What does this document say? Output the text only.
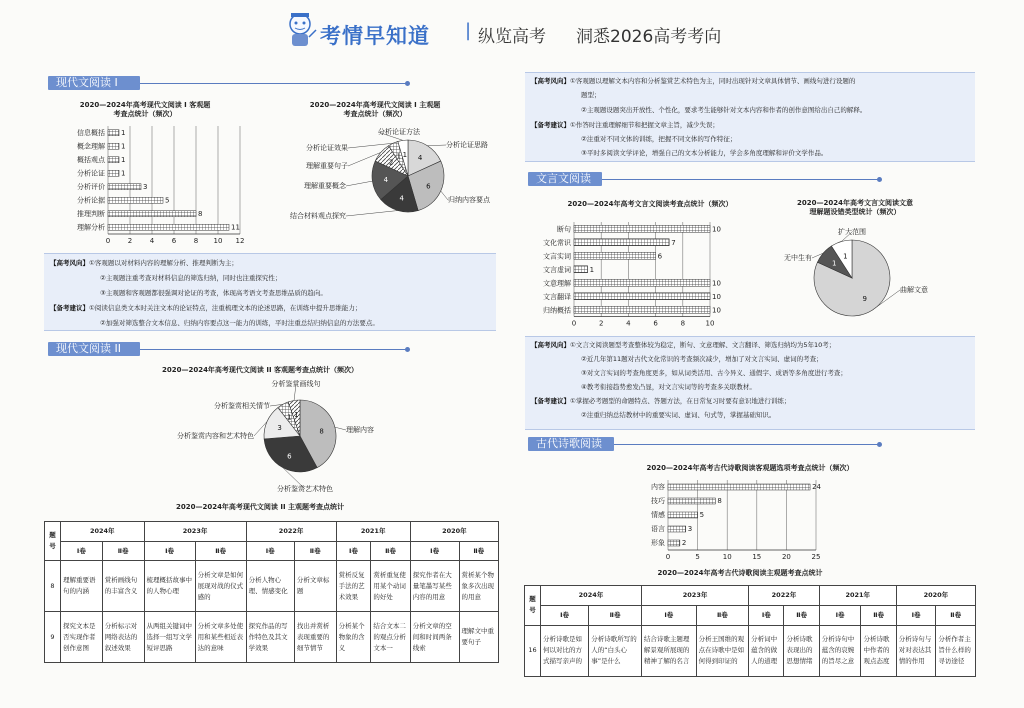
考情早知道 | 纵览高考 洞悉2026高考考向
现代文阅读 I
2020—2024年高考现代文阅读 I 客观题
考查点统计（频次）
0	2	4	6	8 10 12
信息概括 1
概念理解 1
概括观点 1
分析论证 1
分析评价	3
分析论据	5
推理判断	8
理解分析	11
2020—2024年高考现代文阅读 I 主观题
考查点统计（频次）
4
分析论证思路
6
归纳内容要点
4
结合材料观点探究
4
理解重要概念
2
理解重要句子
1
分析论证效果
1
分析论证方法
【高考风向】①客观题以对材料内容的理解分析、推理判断为主；
②主观题注重考查对材料信息的筛选归纳，同时也注重探究性；
③主观题和客观题都很强调对论证的考查，体现高考语文考查思维品质的趋向。
【备考建议】①阅读信息类文本时关注文本的论证特点，注重梳理文本的论述思路，在训练中提升思维能力；
②加强对筛选整合文本信息、归纳内容要点这一能力的训练，平时注重总结归纳信息的方法要点。
现代文阅读 II
2020—2024年高考现代文阅读 II 客观题考查点统计（频次）
8	理解内容
6
分析鉴赏艺术特色
3
分析鉴赏内容和艺术特色
1
分析鉴赏相关情节
1
分析鉴赏画线句
2020—2024年高考现代文阅读 II 主观题考查点统计
题号	2024年		2023年		2022年		2021年		2020年	
	Ⅰ卷	Ⅱ卷	Ⅰ卷	Ⅱ卷	Ⅰ卷	Ⅱ卷	Ⅰ卷	Ⅱ卷	Ⅰ卷	Ⅱ卷
8	理解重要语句的内涵	赏析画线句的丰富含义	梳理概括故事中的人物心理	分析文章是如何展现对战的仪式感的	分析人物心理、情感变化	分析文章标题	赏析反复手法的艺术效果	赏析重复使用某个动词的好处	探究作者在大量笔墨写某些内容的用意	赏析某个物象多次出现的用意
9	探究文本是否实现作者创作意图	分析标示对网络表达的叙述效果	从两组关键词中选择一组写文学短评思路	分析文章多处使用和某些相近表达的意味	探究作品的写作特色及其文学效果	找出并赏析表现重要的细节情节	分析某个物象的含义	结合文本二的观点分析文本一	分析文章的空间和时间两条线索	理解文中重要句子
【高考风向】①客观题以理解文本内容和分析鉴赏艺术特色为主，同时出现针对文章具体情节、画线句进行设题的
题型；
②主观题设题突出开放性、个性化，要求考生能够针对文本内容和作者的创作意图给出自己的解释。
【备考建议】①作答时注重理解细节和把握文章主旨，减少失误；
②注重对不同文体的训练，把握不同文体的写作特征；
③平时多阅读文学评论，增强自己的文本分析能力，学会多角度理解和评价文学作品。
文言文阅读
2020—2024年高考文言文阅读考查点统计（频次）
0	2	4	6	8	10
断句	10
文化常识	7
文言实词	6
文言虚词	1
文意理解	10
文言翻译	10
归纳概括	10
2020—2024年高考文言文阅读文意
理解题设错类型统计（频次）
9
曲解文意
1
无中生有	1
扩大范围
【高考风向】①文言文阅读题型考查整体较为稳定，断句、文意理解、文言翻译、筛选归纳均为5年10考；
②近几年第11题对古代文化常识的考查频次减少，增加了对文言实词、虚词的考查；
③对文言实词的考查角度更多，如从词类活用、古今异义、通假字、成语等多角度进行考查；
④教考衔接趋势愈发凸显，对文言实词等的考查多关联教材。
【备考建议】①掌握必考题型的命题特点、答题方法，在日常复习时要有意识地进行训练；
②注重归纳总结教材中的重要实词、虚词、句式等，掌握基础知识。
古代诗歌阅读
2020—2024年高考古代诗歌阅读客观题选项考查点统计（频次）
0	5	10	15	20	25
内容	24
技巧	8
情感	5
语言	3
形象 2
2020—2024年高考古代诗歌阅读主观题考查点统计
题号	2024年		2023年		2022年		2021年		2020年	
	Ⅰ卷	Ⅱ卷	Ⅰ卷	Ⅱ卷	Ⅰ卷	Ⅱ卷	Ⅰ卷	Ⅱ卷	Ⅰ卷	Ⅱ卷
16	分析诗歌是如何以对比的方式描写亲声的	分析诗歌所写的人的“白头心事”是什么	结合诗歌主题理解景观所展现的精神了解的名言	分析王国维的观点在诗歌中是如何得到印证的	分析词中蕴含的做人的道理	分析诗歌表现出的思想情绪	分析诗句中蕴含的哀婉的旨尽之意	分析诗歌中作者的观点态度	分析诗句与对对表达其情的作用	分析作者主旨什么样的寻访途径
